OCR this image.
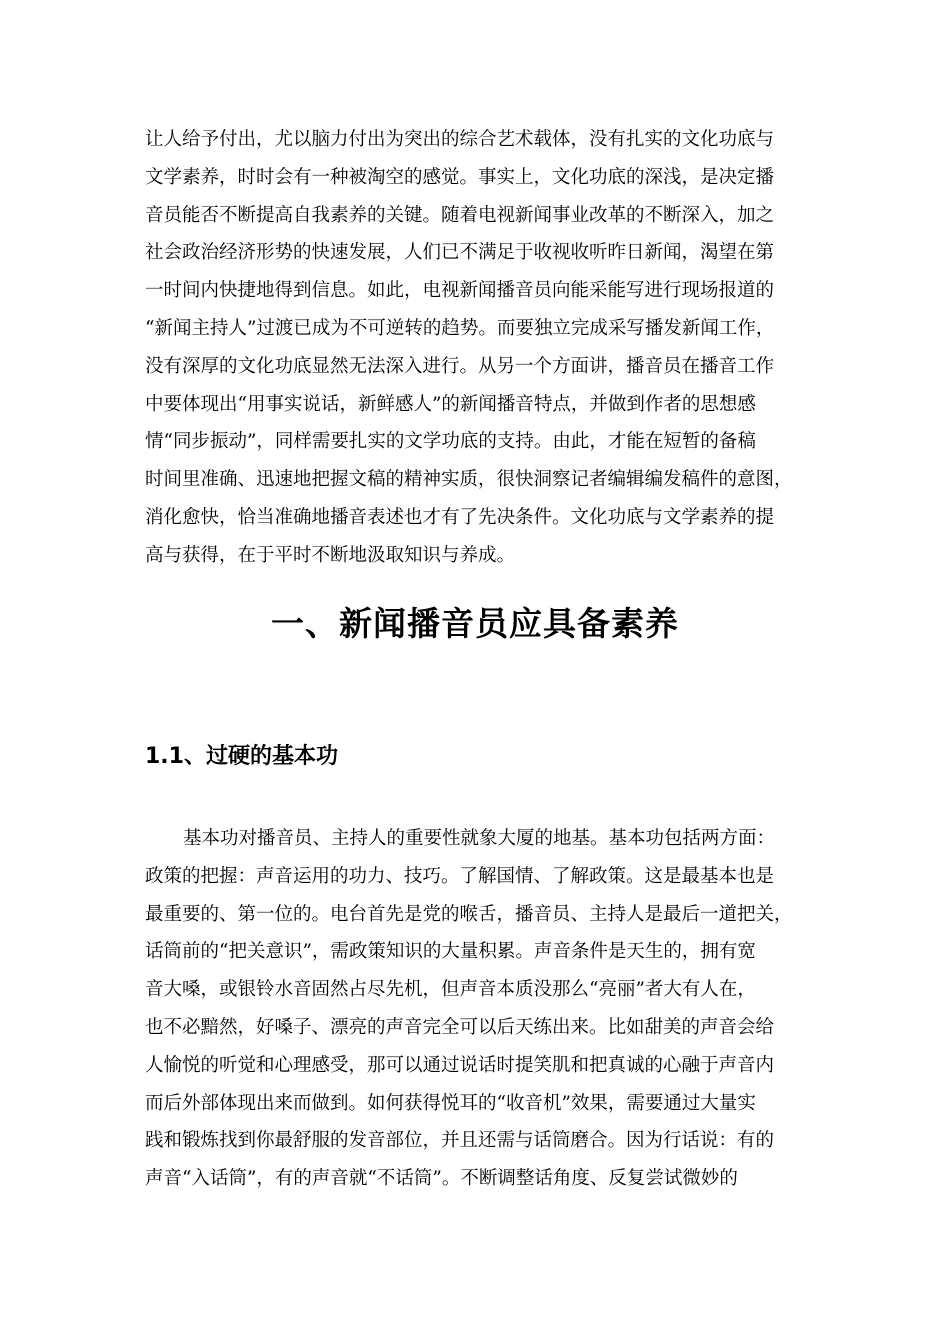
让人给予付出，尤以脑力付出为突出的综合艺术载体，没有扎实的文化功底与
文学素养，时时会有一种被淘空的感觉。事实上，文化功底的深浅，是决定播
音员能否不断提高自我素养的关键。随着电视新闻事业改革的不断深入，加之
社会政治经济形势的快速发展，人们已不满足于收视收听昨日新闻，渴望在第
一时间内快捷地得到信息。如此，电视新闻播音员向能采能写进行现场报道的
“新闻主持人”过渡已成为不可逆转的趋势。而要独立完成采写播发新闻工作，
没有深厚的文化功底显然无法深入进行。从另一个方面讲，播音员在播音工作
中要体现出“用事实说话，新鲜感人”的新闻播音特点，并做到作者的思想感
情“同步振动”，同样需要扎实的文学功底的支持。由此，才能在短暂的备稿
时间里准确、迅速地把握文稿的精神实质，很快洞察记者编辑编发稿件的意图，
消化愈快，恰当准确地播音表述也才有了先决条件。文化功底与文学素养的提
高与获得，在于平时不断地汲取知识与养成。
一、新闻播音员应具备素养
1.1、过硬的基本功
基本功对播音员、主持人的重要性就象大厦的地基。基本功包括两方面：
政策的把握：声音运用的功力、技巧。了解国情、了解政策。这是最基本也是
最重要的、第一位的。电台首先是党的喉舌，播音员、主持人是最后一道把关，
话筒前的“把关意识”，需政策知识的大量积累。声音条件是天生的，拥有宽
音大嗓，或银铃水音固然占尽先机，但声音本质没那么“亮丽”者大有人在，
也不必黯然，好嗓子、漂亮的声音完全可以后天练出来。比如甜美的声音会给
人愉悦的听觉和心理感受，那可以通过说话时提笑肌和把真诚的心融于声音内
而后外部体现出来而做到。如何获得悦耳的“收音机”效果，需要通过大量实
践和锻炼找到你最舒服的发音部位，并且还需与话筒磨合。因为行话说：有的
声音“入话筒”，有的声音就“不话筒”。不断调整话角度、反复尝试微妙的
